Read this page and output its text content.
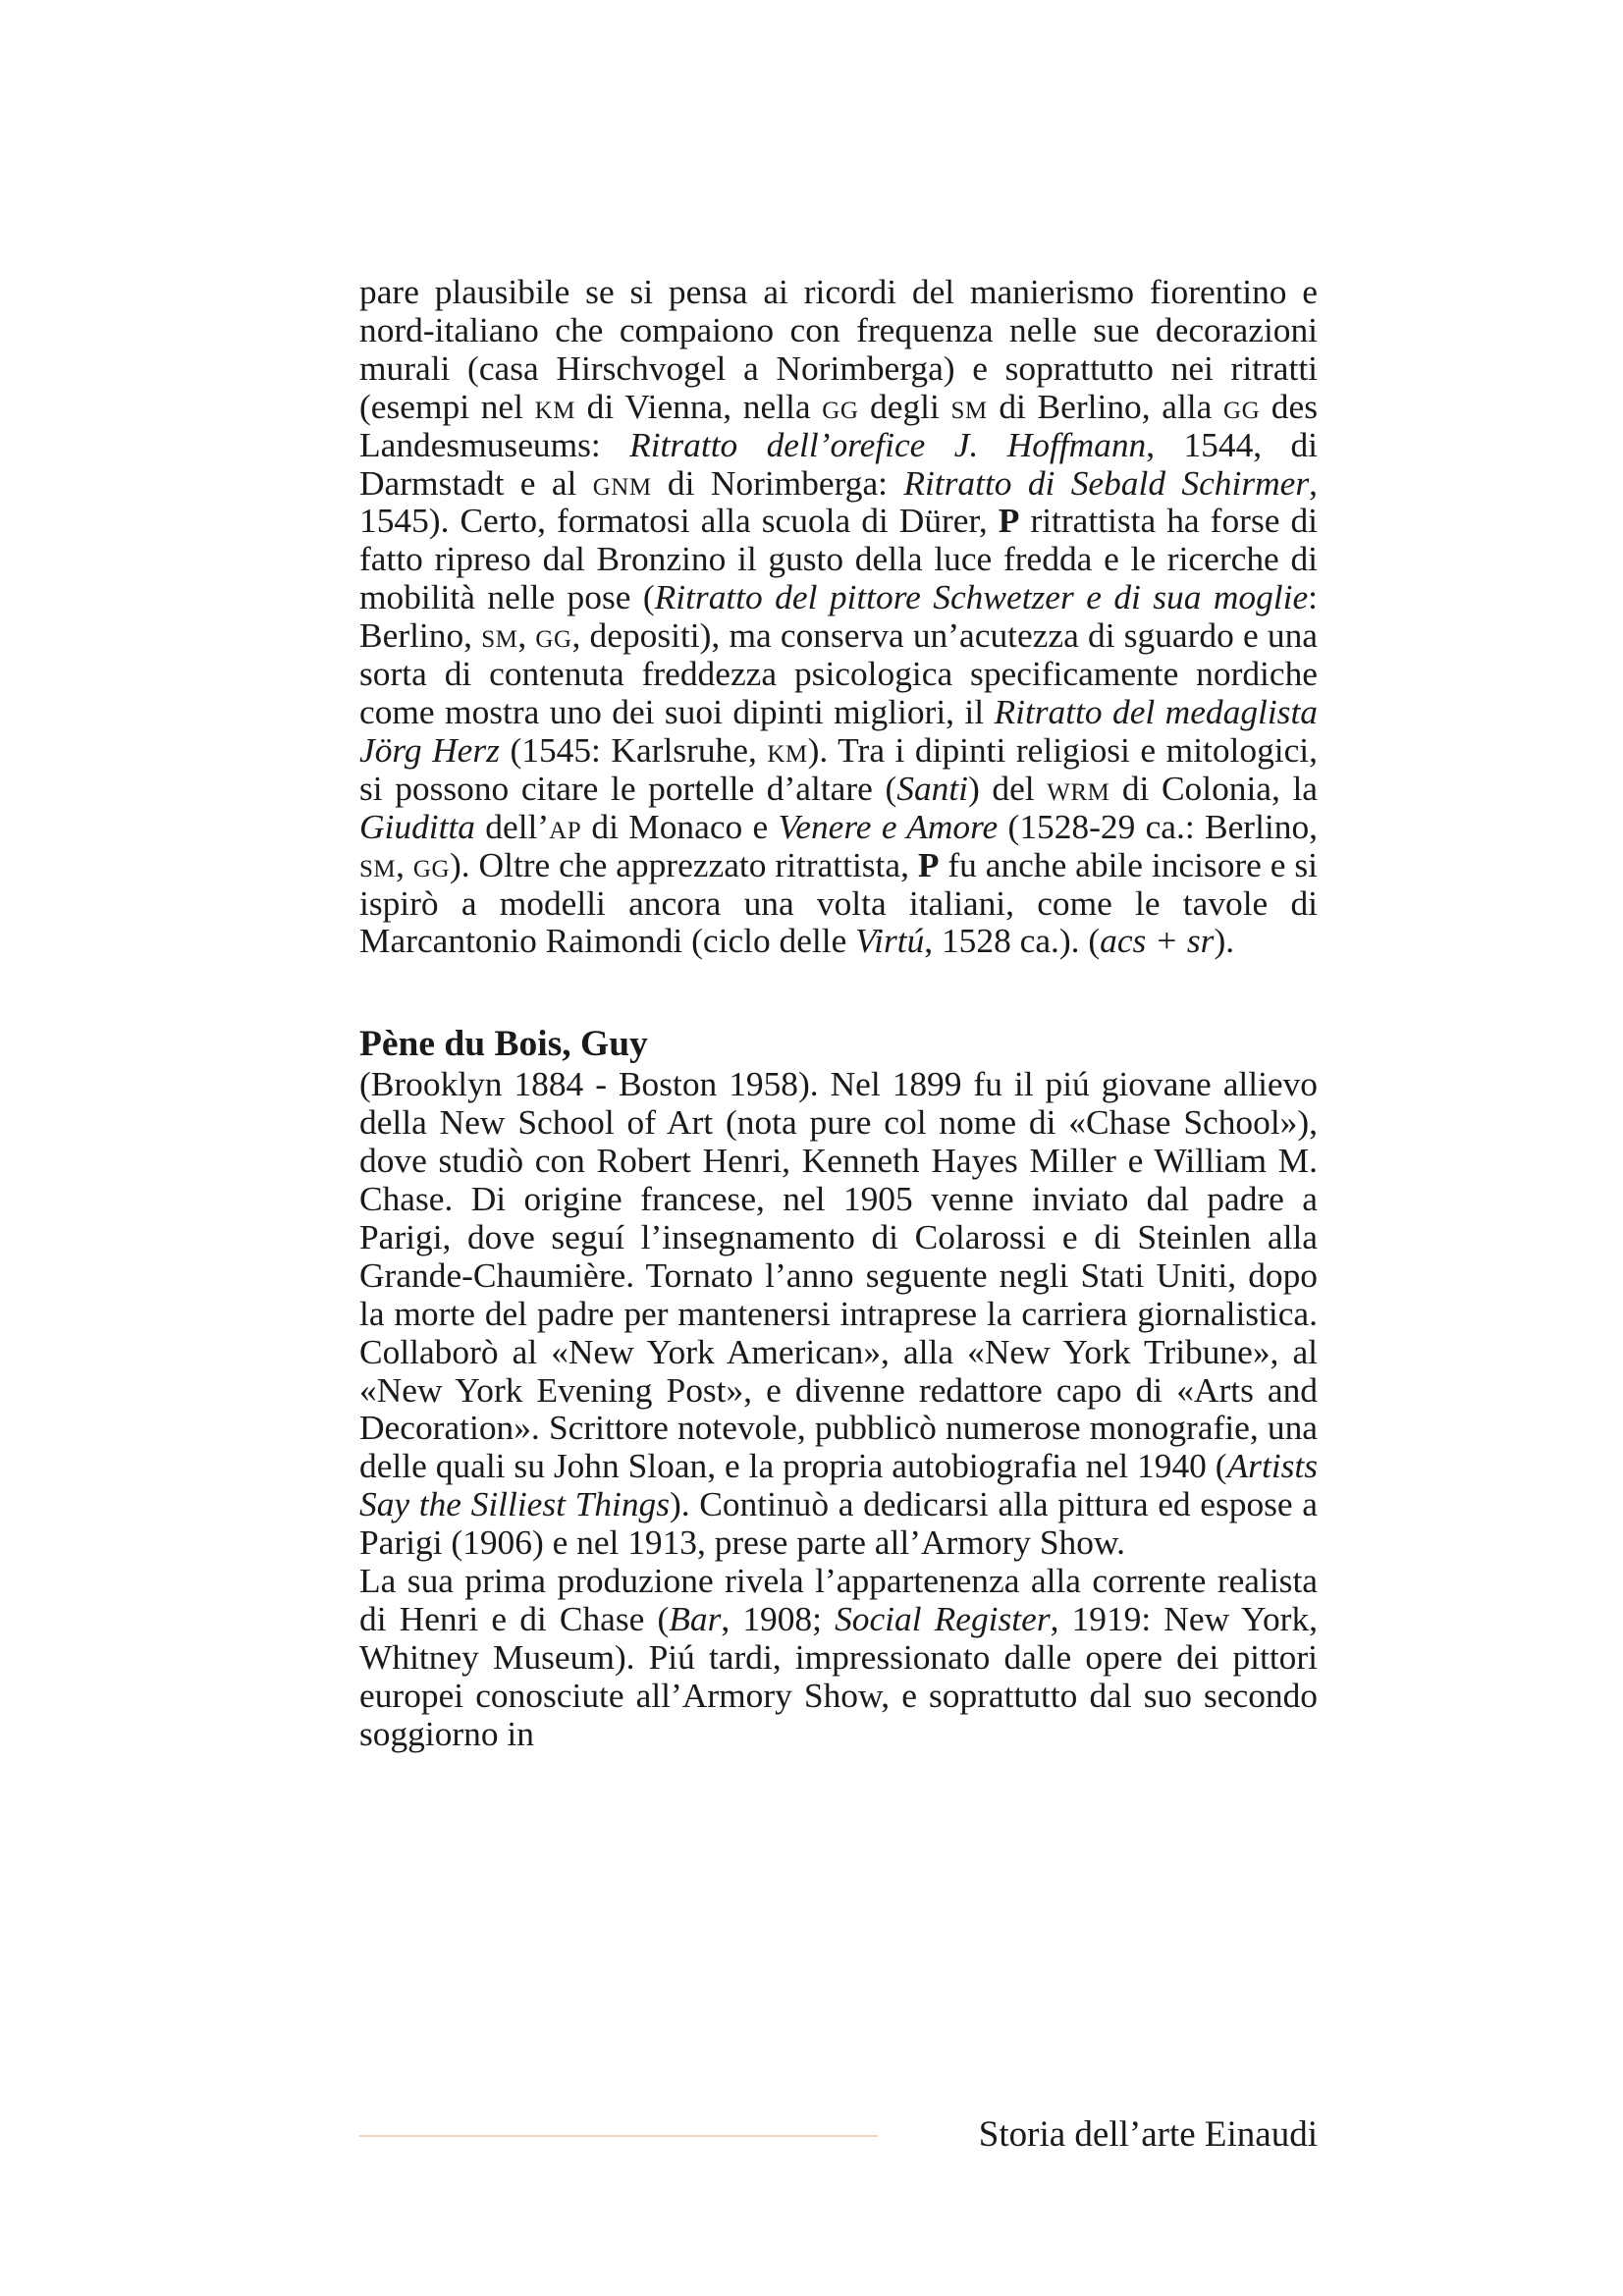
pare plausibile se si pensa ai ricordi del manierismo fiorentino e nord-italiano che compaiono con frequenza nelle sue decorazioni murali (casa Hirschvogel a Norimberga) e soprattutto nei ritratti (esempi nel km di Vienna, nella gg degli sm di Berlino, alla gg des Landesmuseums: Ritratto dell’orefice J. Hoffmann, 1544, di Darmstadt e al gnm di Norimberga: Ritratto di Sebald Schirmer, 1545). Certo, formatosi alla scuola di Dürer, P ritrattista ha forse di fatto ripreso dal Bronzino il gusto della luce fredda e le ricerche di mobilità nelle pose (Ritratto del pittore Schwetzer e di sua moglie: Berlino, sm, gg, depositi), ma conserva un’acutezza di sguardo e una sorta di contenuta freddezza psicologica specificamente nordiche come mostra uno dei suoi dipinti migliori, il Ritratto del medaglista Jörg Herz (1545: Karlsruhe, km). Tra i dipinti religiosi e mitologici, si possono citare le portelle d’altare (Santi) del wrm di Colonia, la Giuditta dell’ap di Monaco e Venere e Amore (1528-29 ca.: Berlino, sm, gg). Oltre che apprezzato ritrattista, P fu anche abile incisore e si ispirò a modelli ancora una volta italiani, come le tavole di Marcantonio Raimondi (ciclo delle Virtú, 1528 ca.). (acs + sr).

Pène du Bois, Guy

(Brooklyn 1884 - Boston 1958). Nel 1899 fu il piú giovane allievo della New School of Art (nota pure col nome di «Chase School»), dove studiò con Robert Henri, Kenneth Hayes Miller e William M. Chase. Di origine francese, nel 1905 venne inviato dal padre a Parigi, dove seguí l’insegnamento di Colarossi e di Steinlen alla Grande-Chaumière. Tornato l’anno seguente negli Stati Uniti, dopo la morte del padre per mantenersi intraprese la carriera giornalistica. Collaborò al «New York American», alla «New York Tribune», al «New York Evening Post», e divenne redattore capo di «Arts and Decoration». Scrittore notevole, pubblicò numerose monografie, una delle quali su John Sloan, e la propria autobiografia nel 1940 (Artists Say the Silliest Things). Continuò a dedicarsi alla pittura ed espose a Parigi (1906) e nel 1913, prese parte all’Armory Show.

La sua prima produzione rivela l’appartenenza alla corrente realista di Henri e di Chase (Bar, 1908; Social Register, 1919: New York, Whitney Museum). Piú tardi, impressionato dalle opere dei pittori europei conosciute all’Armory Show, e soprattutto dal suo secondo soggiorno in

Storia dell’arte Einaudi
